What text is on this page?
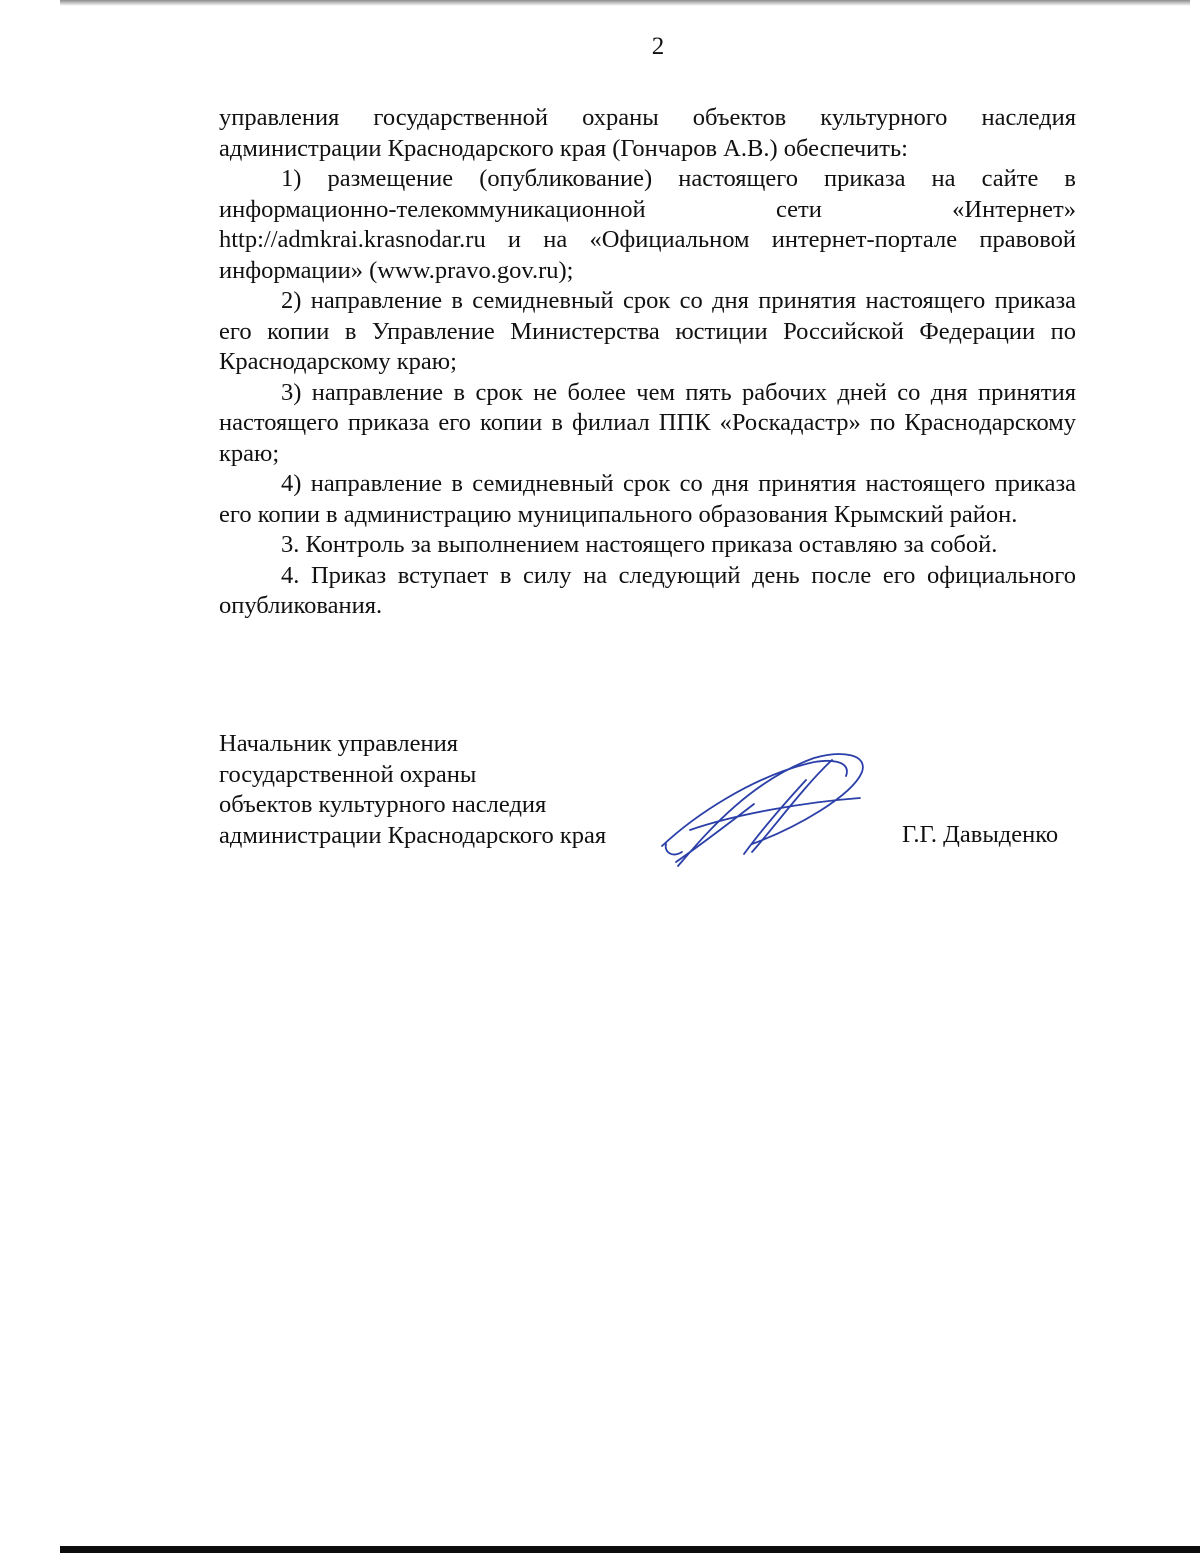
2

управления государственной охраны объектов культурного наследия администрации Краснодарского края (Гончаров А.В.) обеспечить:

1) размещение (опубликование) настоящего приказа на сайте в информационно-телекоммуникационной сети «Интернет» http://admkrai.krasnodar.ru и на «Официальном интернет-портале правовой информации» (www.pravo.gov.ru);

2) направление в семидневный срок со дня принятия настоящего приказа его копии в Управление Министерства юстиции Российской Федерации по Краснодарскому краю;

3) направление в срок не более чем пять рабочих дней со дня принятия настоящего приказа его копии в филиал ППК «Роскадастр» по Краснодарскому краю;

4) направление в семидневный срок со дня принятия настоящего приказа его копии в администрацию муниципального образования Крымский район.

3. Контроль за выполнением настоящего приказа оставляю за собой.

4. Приказ вступает в силу на следующий день после его официального опубликования.

Начальник управления
государственной охраны
объектов культурного наследия
администрации Краснодарского края	Г.Г. Давыденко
